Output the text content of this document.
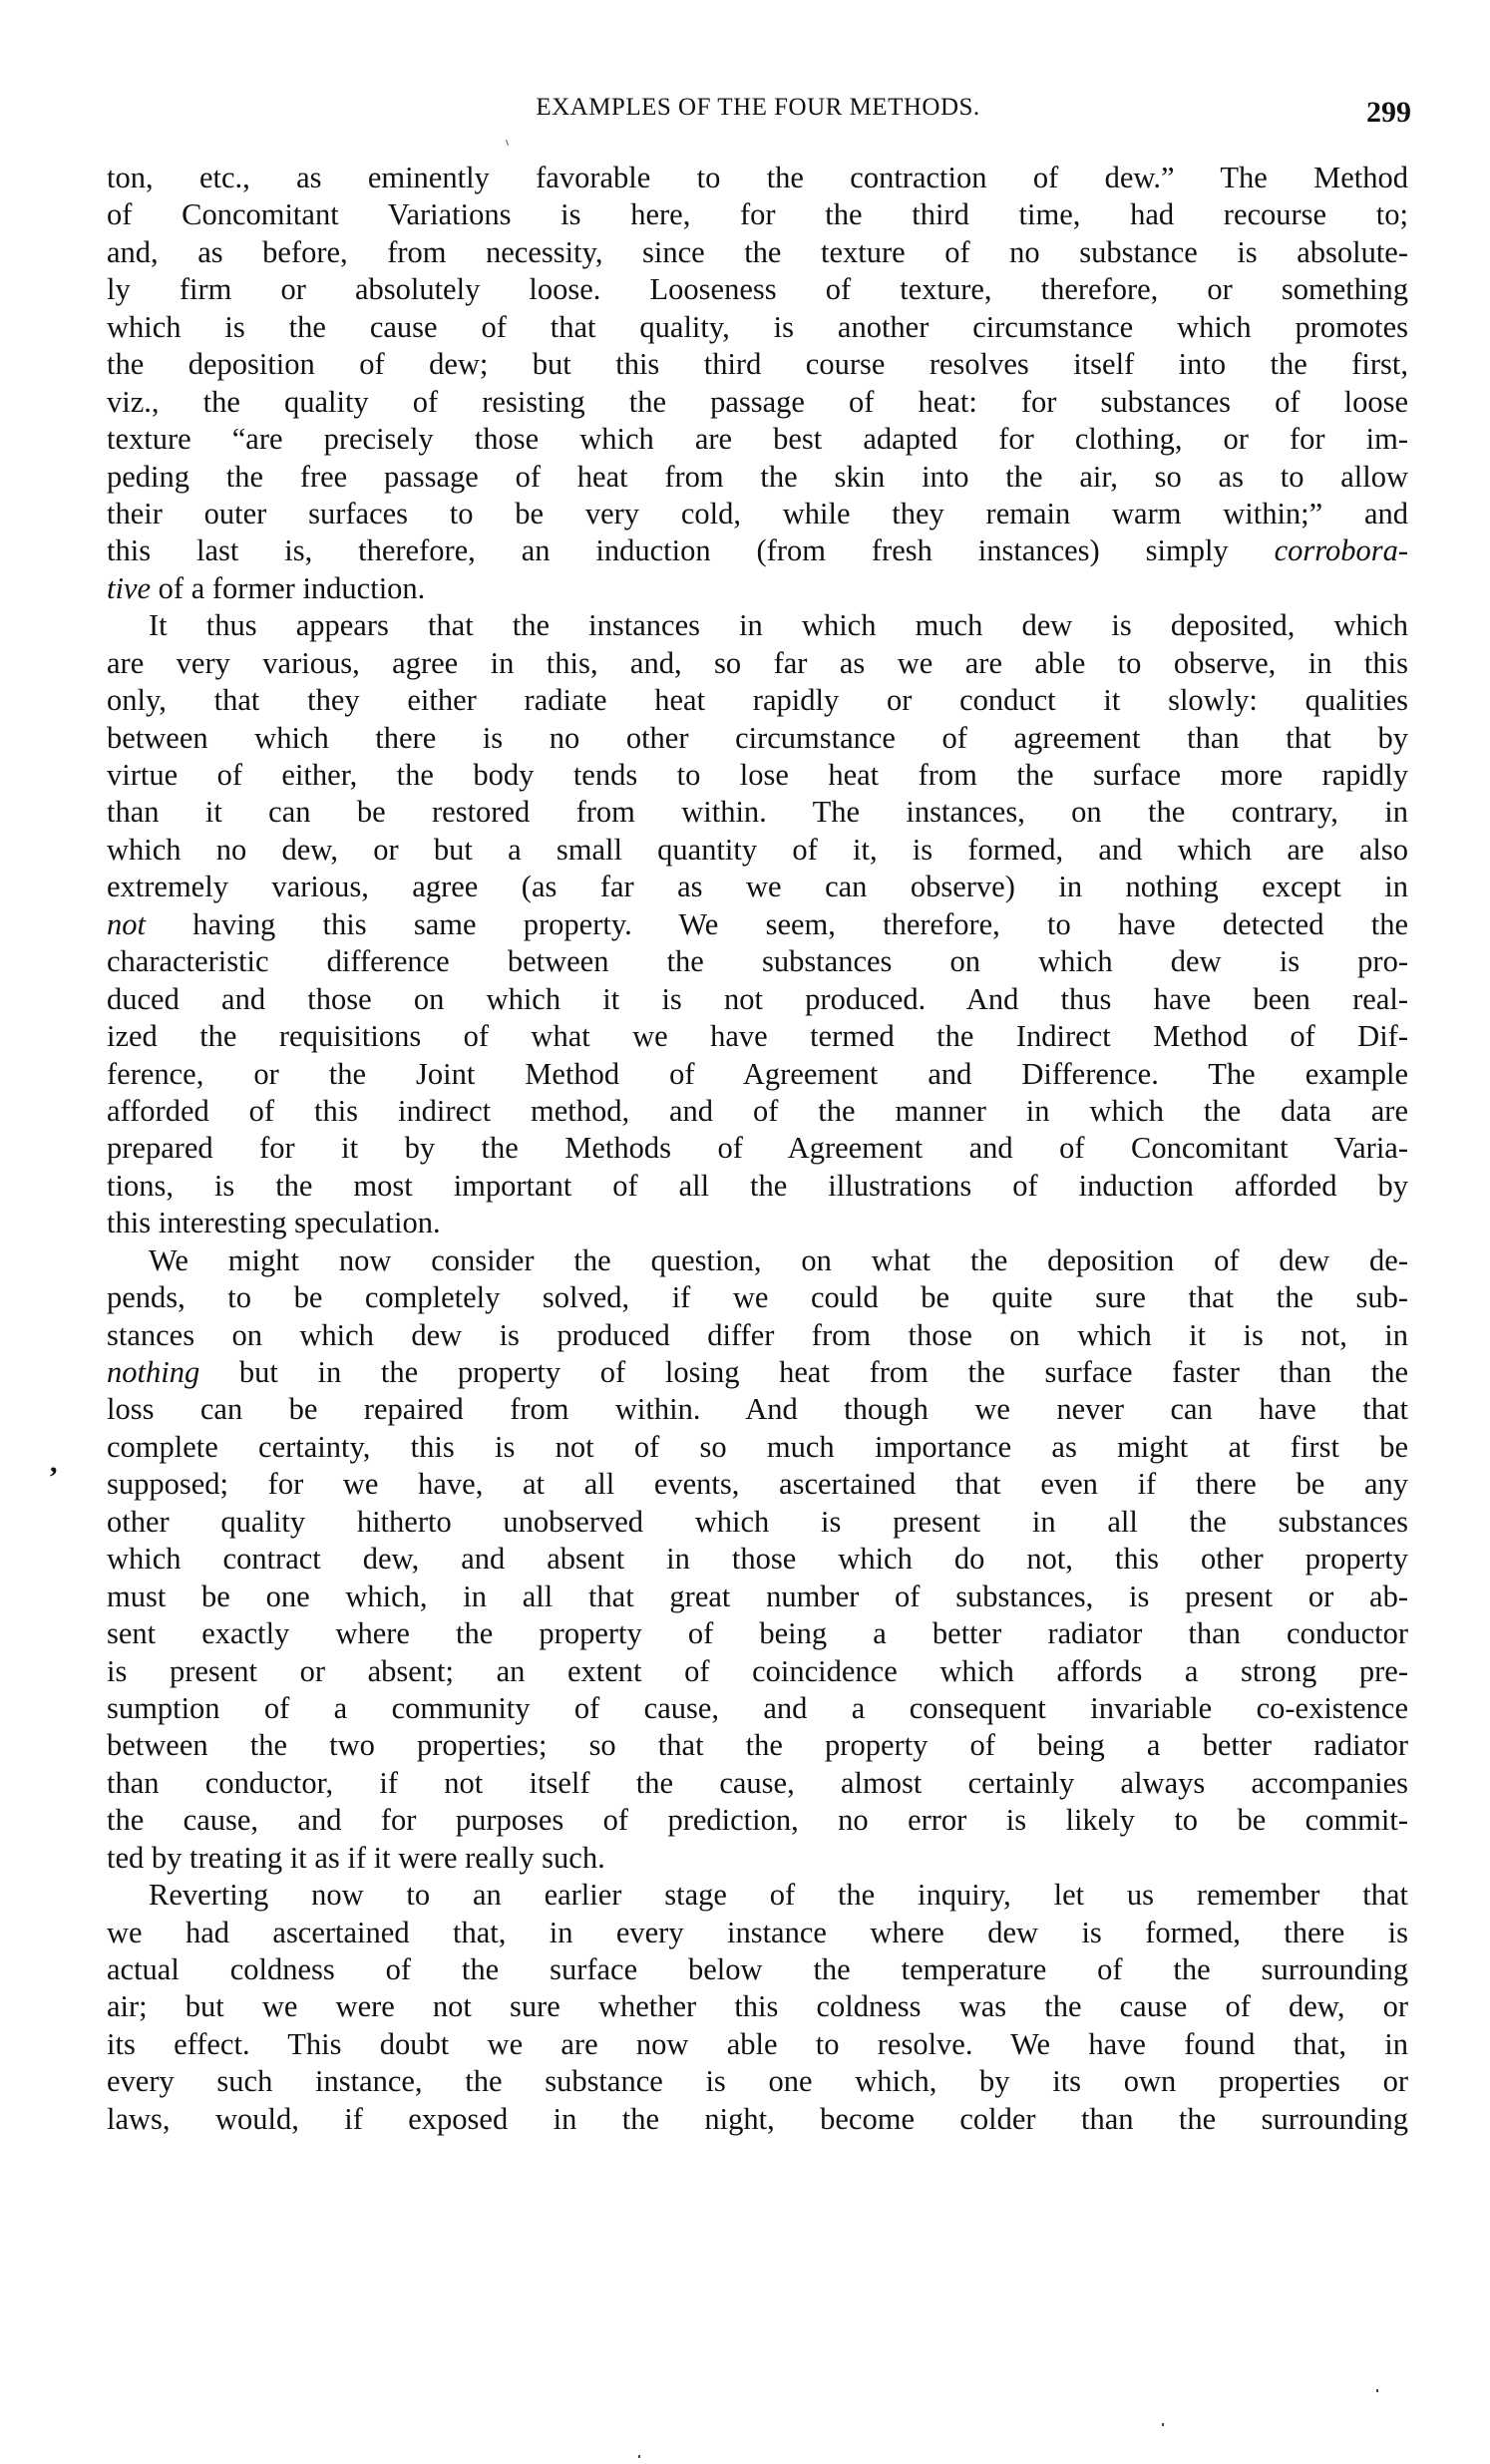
EXAMPLES OF THE FOUR METHODS.	299
,
ton, etc., as eminently favorable to the contraction of dew.” The Method
of Concomitant Variations is here, for the third time, had recourse to;
and, as before, from necessity, since the texture of no substance is absolute-
ly firm or absolutely loose. Looseness of texture, therefore, or something
which is the cause of that quality, is another circumstance which promotes
the deposition of dew; but this third course resolves itself into the first,
viz., the quality of resisting the passage of heat: for substances of loose
texture “are precisely those which are best adapted for clothing, or for im-
peding the free passage of heat from the skin into the air, so as to allow
their outer surfaces to be very cold, while they remain warm within;” and
this last is, therefore, an induction (from fresh instances) simply corrobora-
tive of a former induction.
It thus appears that the instances in which much dew is deposited, which
are very various, agree in this, and, so far as we are able to observe, in this
only, that they either radiate heat rapidly or conduct it slowly: qualities
between which there is no other circumstance of agreement than that by
virtue of either, the body tends to lose heat from the surface more rapidly
than it can be restored from within. The instances, on the contrary, in
which no dew, or but a small quantity of it, is formed, and which are also
extremely various, agree (as far as we can observe) in nothing except in
not having this same property. We seem, therefore, to have detected the
characteristic difference between the substances on which dew is pro-
duced and those on which it is not produced. And thus have been real-
ized the requisitions of what we have termed the Indirect Method of Dif-
ference, or the Joint Method of Agreement and Difference. The example
afforded of this indirect method, and of the manner in which the data are
prepared for it by the Methods of Agreement and of Concomitant Varia-
tions, is the most important of all the illustrations of induction afforded by
this interesting speculation.
We might now consider the question, on what the deposition of dew de-
pends, to be completely solved, if we could be quite sure that the sub-
stances on which dew is produced differ from those on which it is not, in
nothing but in the property of losing heat from the surface faster than the
loss can be repaired from within. And though we never can have that
complete certainty, this is not of so much importance as might at first be
supposed; for we have, at all events, ascertained that even if there be any
other quality hitherto unobserved which is present in all the substances
which contract dew, and absent in those which do not, this other property
must be one which, in all that great number of substances, is present or ab-
sent exactly where the property of being a better radiator than conductor
is present or absent; an extent of coincidence which affords a strong pre-
sumption of a community of cause, and a consequent invariable co-existence
between the two properties; so that the property of being a better radiator
than conductor, if not itself the cause, almost certainly always accompanies
the cause, and for purposes of prediction, no error is likely to be commit-
ted by treating it as if it were really such.
Reverting now to an earlier stage of the inquiry, let us remember that
we had ascertained that, in every instance where dew is formed, there is
actual coldness of the surface below the temperature of the surrounding
air; but we were not sure whether this coldness was the cause of dew, or
its effect. This doubt we are now able to resolve. We have found that, in
every such instance, the substance is one which, by its own properties or
laws, would, if exposed in the night, become colder than the surrounding
